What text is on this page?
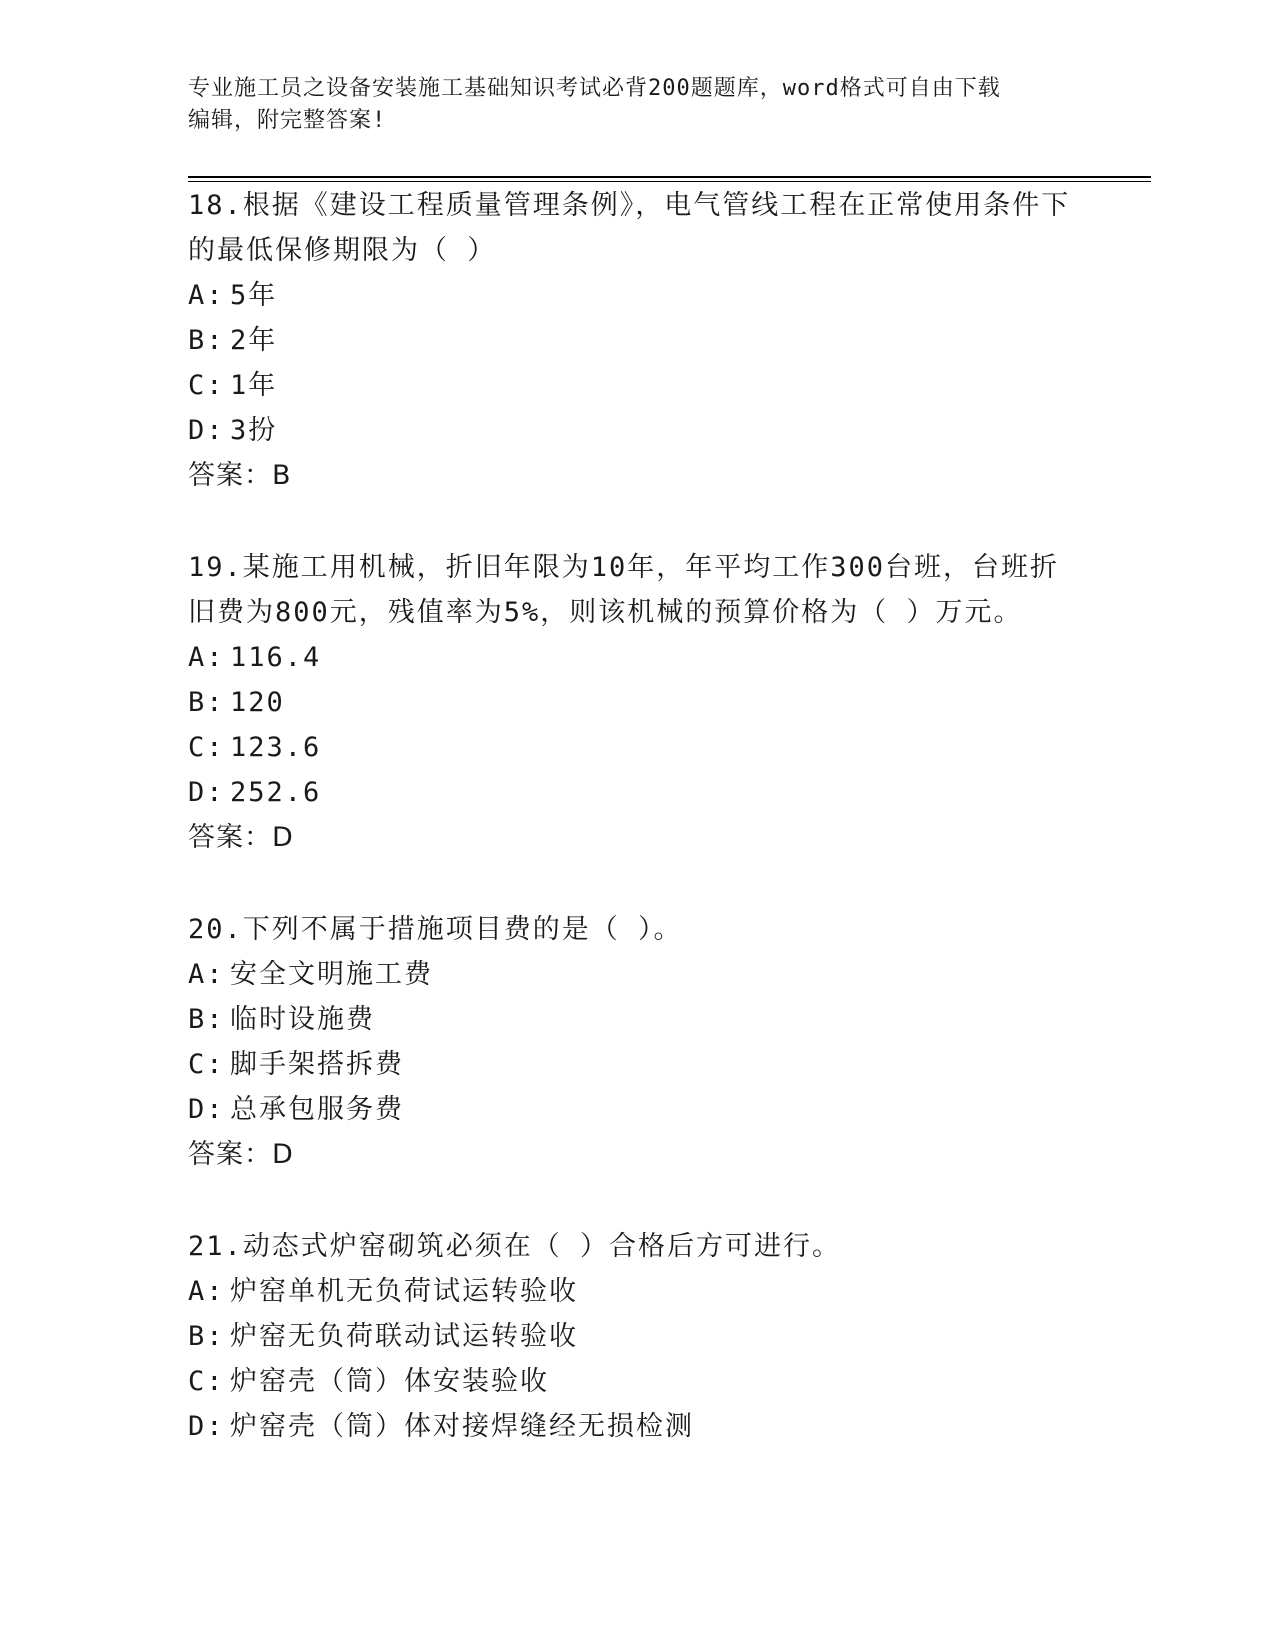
专业施工员之设备安装施工基础知识考试必背200题题库，word格式可自由下载
编辑，附完整答案!
18.根据《建设工程质量管理条例》，电气管线工程在正常使用条件下
的最低保修期限为（ ）
A: 5年
B: 2年
C: 1年
D: 3扮
答案：B
19.某施工用机械，折旧年限为10年，年平均工作300台班，台班折
旧费为800元，残值率为5%，则该机械的预算价格为（ ）万元。
A: 116.4
B: 120
C: 123.6
D: 252.6
答案：D
20.下列不属于措施项目费的是（ ）。
A: 安全文明施工费
B: 临时设施费
C: 脚手架搭拆费
D: 总承包服务费
答案：D
21.动态式炉窑砌筑必须在（ ）合格后方可进行。
A: 炉窑单机无负荷试运转验收
B: 炉窑无负荷联动试运转验收
C: 炉窑壳（筒）体安装验收
D: 炉窑壳（筒）体对接焊缝经无损检测
